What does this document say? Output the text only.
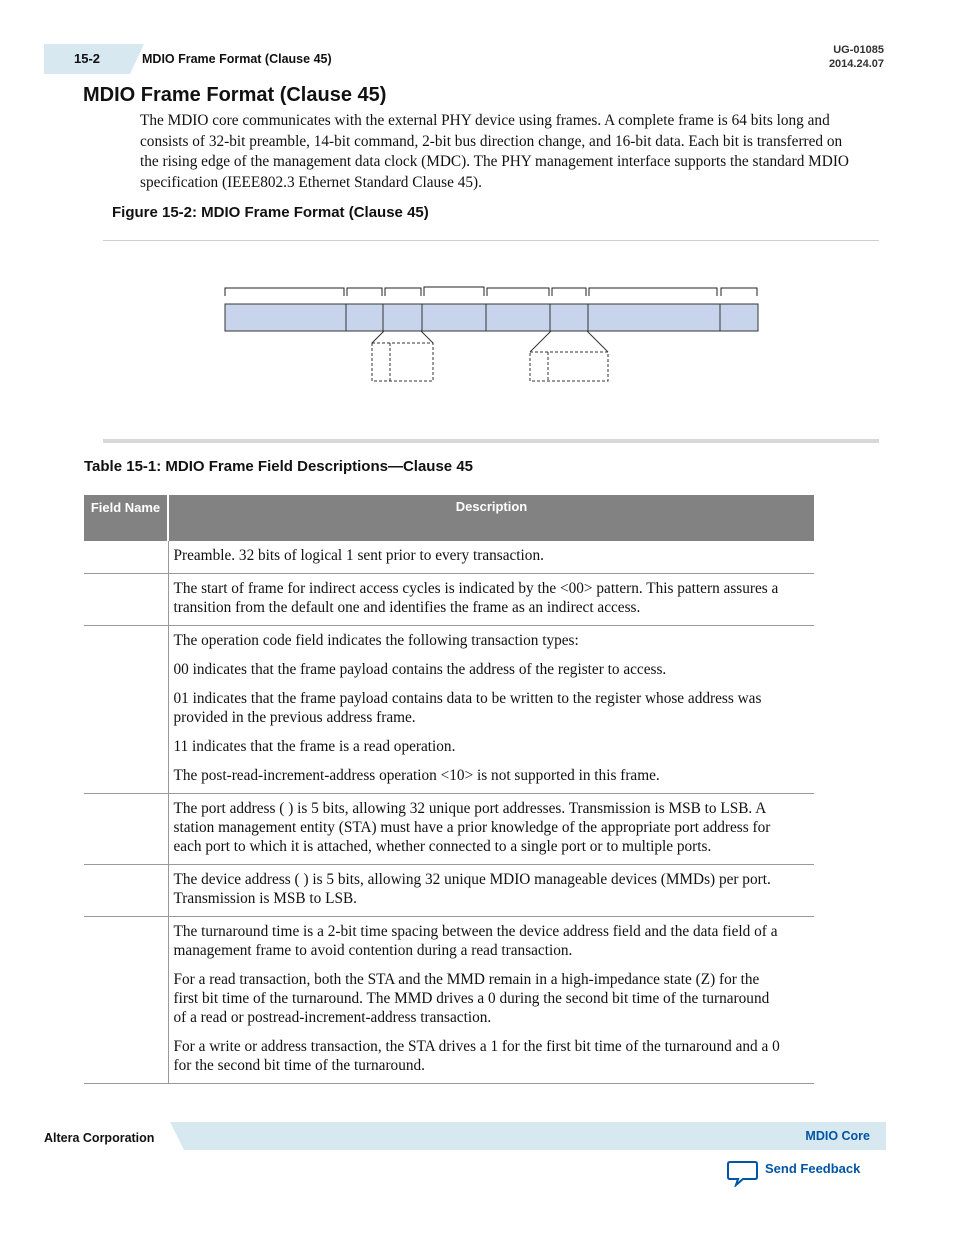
15-2	MDIO Frame Format (Clause 45)
UG-01085
2014.24.07
MDIO Frame Format (Clause 45)
The MDIO core communicates with the external PHY device using frames. A complete frame is 64 bits long and consists of 32-bit preamble, 14-bit command, 2-bit bus direction change, and 16-bit data. Each bit is transferred on the rising edge of the management data clock (MDC). The PHY management interface supports the standard MDIO specification (IEEE802.3 Ethernet Standard Clause 45).
Figure 15-2: MDIO Frame Format (Clause 45)
Table 15-1: MDIO Frame Field Descriptions—Clause 45
Field Name	Description

	Preamble. 32 bits of logical 1 sent prior to every transaction.

	The start of frame for indirect access cycles is indicated by the <00> pattern. This pattern assures a transition from the default one and identifies the frame as an indirect access.

	The operation code field indicates the following transaction types:

00 indicates that the frame payload contains the address of the register to access.

01 indicates that the frame payload contains data to be written to the register whose address was provided in the previous address frame.

11 indicates that the frame is a read operation.

The post-read-increment-address operation <10> is not supported in this frame.

	The port address ( ) is 5 bits, allowing 32 unique port addresses. Transmission is MSB to LSB. A station management entity (STA) must have a prior knowledge of the appropriate port address for each port to which it is attached, whether connected to a single port or to multiple ports.

	The device address ( ) is 5 bits, allowing 32 unique MDIO manageable devices (MMDs) per port. Transmission is MSB to LSB.

	The turnaround time is a 2-bit time spacing between the device address field and the data field of a management frame to avoid contention during a read transaction.

For a read transaction, both the STA and the MMD remain in a high-impedance state (Z) for the first bit time of the turnaround. The MMD drives a 0 during the second bit time of the turnaround of a read or postread-increment-address transaction.

For a write or address transaction, the STA drives a 1 for the first bit time of the turnaround and a 0 for the second bit time of the turnaround.

Altera Corporation	MDIO Core
Send Feedback
